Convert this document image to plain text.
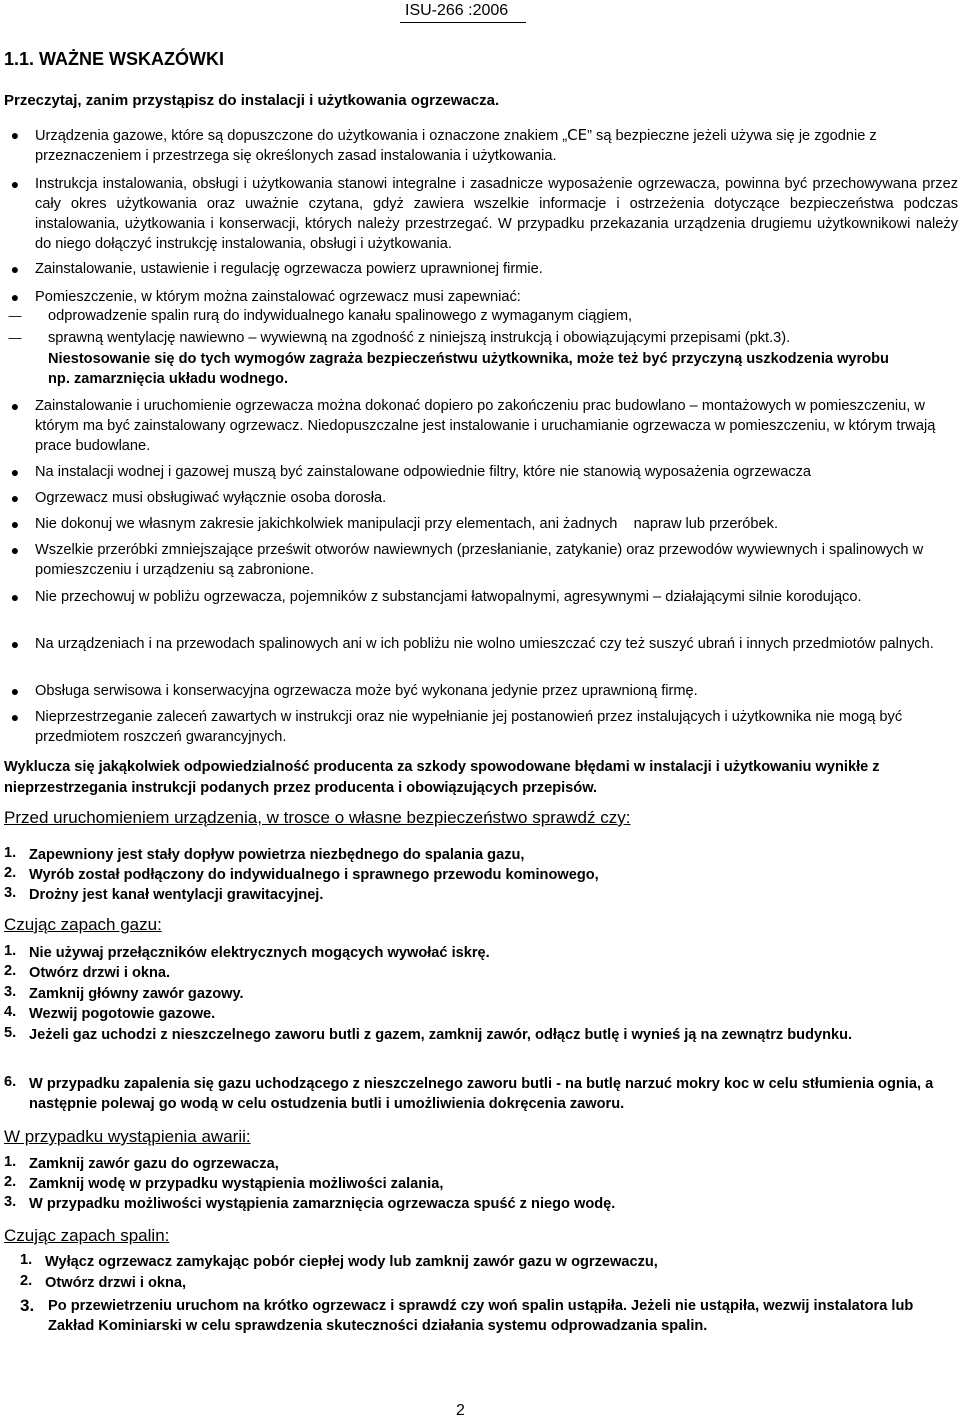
ISU-266 :2006
1.1. WAŻNE WSKAZÓWKI
Przeczytaj, zanim przystąpisz do instalacji i użytkowania ogrzewacza.
● Urządzenia gazowe, które są dopuszczone do użytkowania i oznaczone znakiem „CE” są bezpieczne jeżeli używa się je zgodnie z przeznaczeniem i przestrzega się określonych zasad instalowania i użytkowania.
● Instrukcja instalowania, obsługi i użytkowania stanowi integralne i zasadnicze wyposażenie ogrzewacza, powinna być przechowywana przez cały okres użytkowania oraz uważnie czytana, gdyż zawiera wszelkie informacje i ostrzeżenia dotyczące bezpieczeństwa podczas instalowania, użytkowania i konserwacji, których należy przestrzegać. W przypadku przekazania urządzenia drugiemu użytkownikowi należy do niego dołączyć instrukcję instalowania, obsługi i użytkowania.
● Zainstalowanie, ustawienie i regulację ogrzewacza powierz uprawnionej firmie.
● Pomieszczenie, w którym można zainstalować ogrzewacz musi zapewniać:
— odprowadzenie spalin rurą do indywidualnego kanału spalinowego z wymaganym ciągiem,
— sprawną wentylację nawiewno – wywiewną na zgodność z niniejszą instrukcją i obowiązującymi przepisami (pkt.3).
Niestosowanie się do tych wymogów zagraża bezpieczeństwu użytkownika, może też być przyczyną uszkodzenia wyrobu np. zamarznięcia układu wodnego.
● Zainstalowanie i uruchomienie ogrzewacza można dokonać dopiero po zakończeniu prac budowlano – montażowych w pomieszczeniu, w którym ma być zainstalowany ogrzewacz. Niedopuszczalne jest instalowanie i uruchamianie ogrzewacza w pomieszczeniu, w którym trwają prace budowlane.
● Na instalacji wodnej i gazowej muszą być zainstalowane odpowiednie filtry, które nie stanowią wyposażenia ogrzewacza
● Ogrzewacz musi obsługiwać wyłącznie osoba dorosła.
● Nie dokonuj we własnym zakresie jakichkolwiek manipulacji przy elementach, ani żadnych    napraw lub przeróbek.
● Wszelkie przeróbki zmniejszające prześwit otworów nawiewnych (przesłanianie, zatykanie) oraz przewodów wywiewnych i spalinowych w pomieszczeniu i urządzeniu są zabronione.
● Nie przechowuj w pobliżu ogrzewacza, pojemników z substancjami łatwopalnymi, agresywnymi – działającymi silnie korodująco.
● Na urządzeniach i na przewodach spalinowych ani w ich pobliżu nie wolno umieszczać czy też suszyć ubrań i innych przedmiotów palnych.
● Obsługa serwisowa i konserwacyjna ogrzewacza może być wykonana jedynie przez uprawnioną firmę.
● Nieprzestrzeganie zaleceń zawartych w instrukcji oraz nie wypełnianie jej postanowień przez instalujących i użytkownika nie mogą być przedmiotem roszczeń gwarancyjnych.
Wyklucza się jakąkolwiek odpowiedzialność producenta za szkody spowodowane błędami w instalacji i użytkowaniu wynikłe z nieprzestrzegania instrukcji podanych przez producenta i obowiązujących przepisów.
Przed uruchomieniem urządzenia, w trosce o własne bezpieczeństwo sprawdź czy:
1. Zapewniony jest stały dopływ powietrza niezbędnego do spalania gazu,
2. Wyrób został podłączony do indywidualnego i sprawnego przewodu kominowego,
3. Drożny jest kanał wentylacji grawitacyjnej.
Czując zapach gazu:
1. Nie używaj przełączników elektrycznych mogących wywołać iskrę.
2. Otwórz drzwi i okna.
3. Zamknij główny zawór gazowy.
4. Wezwij pogotowie gazowe.
5. Jeżeli gaz uchodzi z nieszczelnego zaworu butli z gazem, zamknij zawór, odłącz butlę i wynieś ją na zewnątrz budynku.
6. W przypadku zapalenia się gazu uchodzącego z nieszczelnego zaworu butli - na butlę narzuć mokry koc w celu stłumienia ognia, a następnie polewaj go wodą w celu ostudzenia butli i umożliwienia dokręcenia zaworu.
W przypadku wystąpienia awarii:
1. Zamknij zawór gazu do ogrzewacza,
2. Zamknij wodę w przypadku wystąpienia możliwości zalania,
3. W przypadku możliwości wystąpienia zamarznięcia ogrzewacza spuść z niego wodę.
Czując zapach spalin:
1. Wyłącz ogrzewacz zamykając pobór ciepłej wody lub zamknij zawór gazu w ogrzewaczu,
2. Otwórz drzwi i okna,
3. Po przewietrzeniu uruchom na krótko ogrzewacz i sprawdź czy woń spalin ustąpiła. Jeżeli nie ustąpiła, wezwij instalatora lub Zakład Kominiarski w celu sprawdzenia skuteczności działania systemu odprowadzania spalin.
2
